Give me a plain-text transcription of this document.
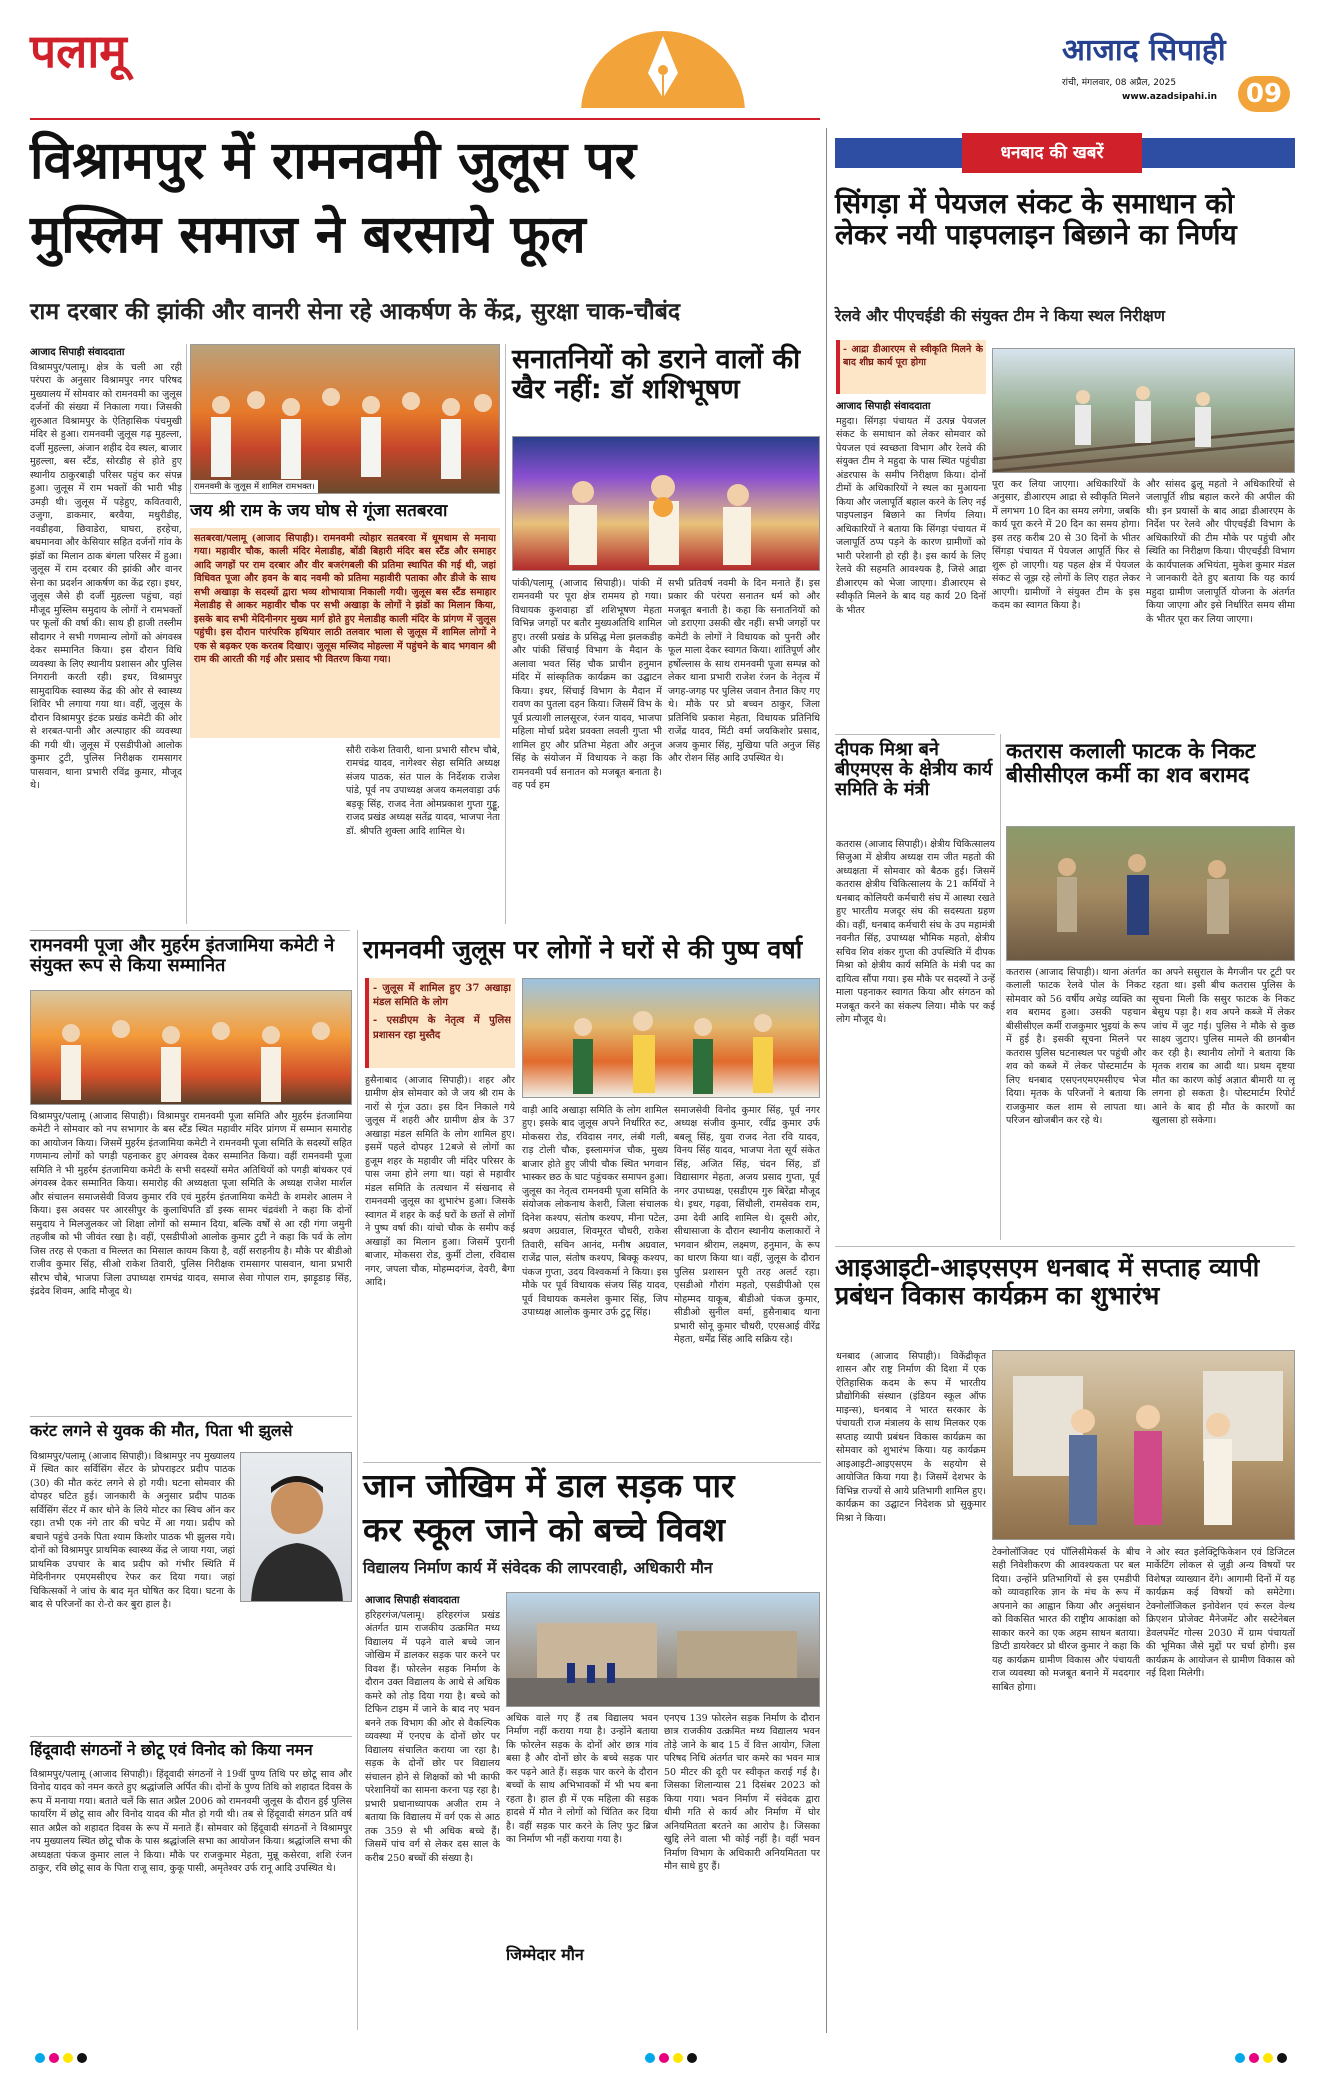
पलामू	आजाद सिपाही
रांची, मंगलवार, 08 अप्रैल, 2025
www.azadsipahi.in	09
विश्रामपुर में रामनवमी जुलूस पर
मुस्लिम समाज ने बरसाये फूल
राम दरबार की झांकी और वानरी सेना रहे आकर्षण के केंद्र, सुरक्षा चाक-चौबंद
आजाद सिपाही संवाददाता
विश्रामपुर/पलामू। क्षेत्र के चली आ रही परंपरा के अनुसार विश्रामपुर नगर परिषद मुख्यालय में सोमवार को रामनवमी का जुलूस दर्जनों की संख्या में निकाला गया। जिसकी शुरुआत विश्रामपुर के ऐतिहासिक पंचमुखी मंदिर से हुआ। रामनवमी जुलूस गढ़ मुहल्ला, दर्जी मुहल्ला, अंजान शहीद देव स्थल, बाजार मुहल्ला, बस स्टैंड, सोरडीह से होते हुए स्थानीय ठाकुरबाड़ी परिसर पहुंच कर संपन्न हुआ। जुलूस में राम भक्तों की भारी भीड़ उमड़ी थी। जुलूस में पड़ेहुए, कवितवारी, उजुगा, डाकमार, बरवैया, मधुरीडीह, नवडीहवा, छिवाडेरा, घाघरा, हरहेचा, बघमानवा और केसियार सहित दर्जनों गांव के झंडों का मिलान ठाक बंगला परिसर में हुआ। जुलूस में राम दरबार की झांकी और वानर सेना का प्रदर्शन आकर्षण का केंद्र रहा। इधर, जुलूस जैसे ही दर्जी मुहल्ला पहुंचा, वहां मौजूद मुस्लिम समुदाय के लोगों ने रामभक्तों पर फूलों की वर्षा की। साथ ही हाजी तस्लीम सौदागर ने सभी गणमान्य लोगों को अंगवस्त्र देकर सम्मानित किया। इस दौरान विधि व्यवस्था के लिए स्थानीय प्रशासन और पुलिस निगरानी करती रही। इधर, विश्रामपुर सामुदायिक स्वास्थ्य केंद्र की ओर से स्वास्थ्य शिविर भी लगाया गया था। वहीं, जुलूस के दौरान विश्रामपुर इंटक प्रखंड कमेटी की ओर से शरबत-पानी और अल्पाहार की व्यवस्था की गयी थी। जुलूस में एसडीपीओ आलोक कुमार टुटी, पुलिस निरीक्षक रामसागर पासवान, थाना प्रभारी रविंद्र कुमार, मौजूद थे।
रामनवमी के जुलूस में शामिल रामभक्त।
जय श्री राम के जय घोष से गूंजा सतबरवा
सतबरवा/पलामू (आजाद सिपाही)। रामनवमी त्योहार सतबरवा में धूमधाम से मनाया गया। महावीर चौक, काली मंदिर मेलाडीह, बोंडी बिहारी मंदिर बस स्टैंड और समाहर आदि जगहों पर राम दरबार और वीर बजरंगबली की प्रतिमा स्थापित की गई थी, जहां विधिवत पूजा और हवन के बाद नवमी को प्रतिमा महावीरी पताका और डीजे के साथ सभी अखाड़ा के सदस्यों द्वारा भव्य शोभायात्रा निकाली गयी। जुलूस बस स्टैंड समाहार मेलाडीह से आकर महावीर चौक पर सभी अखाड़ा के लोगों ने झंडों का मिलान किया, इसके बाद सभी मेदिनीनगर मुख्य मार्ग होते हुए मेलाडीह काली मंदिर के प्रांगण में जुलूस पहुंची। इस दौरान पारंपरिक हथियार लाठी तलवार भाला से जुलूस में शामिल लोगों ने एक से बढ़कर एक करतब दिखाए। जुलूस मस्जिद मोहल्ला में पहुंचने के बाद भगवान श्री राम की आरती की गई और प्रसाद भी वितरण किया गया।
सौरी राकेश तिवारी, थाना प्रभारी सौरभ चौबे, रामचंद्र यादव, नागेश्वर सेहा समिति अध्यक्ष संजय पाठक, संत पाल के निर्देशक राजेश पांडे, पूर्व नप उपाध्यक्ष अजय कमलवाड़ा उर्फ बड़कू सिंह, राजद नेता ओमप्रकाश गुप्ता गुड्डू, राजद प्रखंड अध्यक्ष सतेंद्र यादव, भाजपा नेता डॉ. श्रीपति शुक्ला आदि शामिल थे।
सनातनियों को डराने वालों की खैर नहीं: डॉ शशिभूषण
पांकी/पलामू (आजाद सिपाही)। पांकी में रामनवमी पर पूरा क्षेत्र राममय हो गया। विधायक कुशवाहा डॉ शशिभूषण मेहता विभिन्न जगहों पर बतौर मुख्यअतिथि शामिल हुए। तरसी प्रखंड के प्रसिद्ध मेला झलकडीह और पांकी सिंचाई विभाग के मैदान के अलावा भवत सिंह चौक प्राचीन हनुमान मंदिर में सांस्कृतिक कार्यक्रम का उद्घाटन किया। इधर, सिंचाई विभाग के मैदान में रावण का पुतला दहन किया। जिसमें विभ के पूर्व प्रत्याशी लालसूरज, रंजन यादव, भाजपा महिला मोर्चा प्रदेश प्रवक्ता लवली गुप्ता भी शामिल हुए और प्रतिभा मेहता और अनुज सिंह के संयोजन में विधायक ने कहा कि रामनवमी पर्व सनातन को मजबूत बनाता है। वह पर्व हम
सभी प्रतिवर्ष नवमी के दिन मनाते हैं। इस प्रकार की परंपरा सनातन धर्म को और मजबूत बनाती है। कहा कि सनातनियों को जो डराएगा उसकी खैर नहीं। सभी जगहों पर कमेटी के लोगों ने विधायक को पुनरी और फूल माला देकर स्वागत किया। शांतिपूर्ण और हर्षोल्लास के साथ रामनवमी पूजा सम्पन्न को लेकर थाना प्रभारी राजेश रंजन के नेतृत्व में जगह-जगह पर पुलिस जवान तैनात किए गए थे। मौके पर प्रो बच्चन ठाकुर, जिला प्रतिनिधि प्रकाश मेहता, विधायक प्रतिनिधि राजेंद्र यादव, मिंटी वर्मा जयकिशोर प्रसाद, अजय कुमार सिंह, मुखिया पति अनुज सिंह और रोशन सिंह आदि उपस्थित थे।
रामनवमी पूजा और मुहर्रम इंतजामिया कमेटी ने संयुक्त रूप से किया सम्मानित
विश्रामपुर/पलामू (आजाद सिपाही)। विश्रामपुर रामनवमी पूजा समिति और मुहर्रम इंतजामिया कमेटी ने सोमवार को नप सभागार के बस स्टैंड स्थित महावीर मंदिर प्रांगण में सम्मान समारोह का आयोजन किया। जिसमें मुहर्रम इंतजामिया कमेटी ने रामनवमी पूजा समिति के सदस्यों सहित गणमान्य लोगों को पगड़ी पहनाकर हुए अंगवस्त्र देकर सम्मानित किया। वहीं रामनवमी पूजा समिति ने भी मुहर्रम इंतजामिया कमेटी के सभी सदस्यों समेत अतिथियों को पगड़ी बांधकर एवं अंगवस्त्र देकर सम्मानित किया। समारोह की अध्यक्षता पूजा समिति के अध्यक्ष राजेश मार्शल और संचालन समाजसेवी विजय कुमार रवि एवं मुहर्रम इंतजामिया कमेटी के शमशेर आलम ने किया। इस अवसर पर आरसीपुर के कुलाधिपति डॉ इस्क सामर चंद्रवंशी ने कहा कि दोनों समुदाय ने मिलजुलकर जो शिक्षा लोगों को सम्मान दिया, बल्कि वर्षों से आ रही गंगा जमुनी तहजीब को भी जीवंत रखा है। वहीं, एसडीपीओ आलोक कुमार टुटी ने कहा कि पर्व के लोग जिस तरह से एकता व मिल्लत का मिसाल कायम किया है, वहीं सराहनीय है। मौके पर बीडीओ राजीव कुमार सिंह, सीओ राकेश तिवारी, पुलिस निरीक्षक रामसागर पासवान, थाना प्रभारी सौरभ चौबे, भाजपा जिला उपाध्यक्ष रामचंद्र यादव, समाज सेवा गोपाल राम, झाड़ूडाड़ सिंह, इंद्रदेव शिवम, आदि मौजूद थे।
करंट लगने से युवक की मौत, पिता भी झुलसे
विश्रामपुर/पलामू (आजाद सिपाही)। विश्रामपुर नप मुख्यालय में स्थित कार सर्विसिंग सेंटर के प्रोपराइटर प्रदीप पाठक (30) की मौत करंट लगने से हो गयी। घटना सोमवार की दोपहर घटित हुई। जानकारी के अनुसार प्रदीप पाठक सर्विसिंग सेंटर में कार धोने के लिये मोटर का स्विच ऑन कर रहा। तभी एक नंगे तार की चपेट में आ गया। प्रदीप को बचाने पहुंचे उनके पिता श्याम किशोर पाठक भी झुलस गये। दोनों को विश्रामपुर प्राथमिक स्वास्थ्य केंद्र ले जाया गया, जहां प्राथमिक उपचार के बाद प्रदीप को गंभीर स्थिति में मेदिनीनगर एमएमसीएच रेफर कर दिया गया। जहां चिकित्सकों ने जांच के बाद मृत घोषित कर दिया। घटना के बाद से परिजनों का रो-रो कर बुरा हाल है।
हिंदूवादी संगठनों ने छोटू एवं विनोद को किया नमन
विश्रामपुर/पलामू (आजाद सिपाही)। हिंदूवादी संगठनों ने 19वीं पुण्य तिथि पर छोटू साव और विनोद यादव को नमन करते हुए श्रद्धांजलि अर्पित की। दोनों के पुण्य तिथि को शहादत दिवस के रूप में मनाया गया। बताते चलें कि सात अप्रैल 2006 को रामनवमी जुलूस के दौरान हुई पुलिस फायरिंग में छोटू साव और विनोद यादव की मौत हो गयी थी। तब से हिंदूवादी संगठन प्रति वर्ष सात अप्रैल को शहादत दिवस के रूप में मनाते हैं। सोमवार को हिंदूवादी संगठनों ने विश्रामपुर नप मुख्यालय स्थित छोटू चौक के पास श्रद्धांजलि सभा का आयोजन किया। श्रद्धांजलि सभा की अध्यक्षता पंकज कुमार लाल ने किया। मौके पर राजकुमार मेहता, मुन्नू कसेरवा, शशि रंजन ठाकुर, रवि छोटू साव के पिता राजू साव, कुकू पासी, अमृतेश्वर उर्फ रानू आदि उपस्थित थे।
रामनवमी जुलूस पर लोगों ने घरों से की पुष्प वर्षा
- जुलूस में शामिल हुए 37 अखाड़ा मंडल समिति के लोग
- एसडीएम के नेतृत्व में पुलिस प्रशासन रहा मुस्तैद
हुसैनाबाद (आजाद सिपाही)। शहर और ग्रामीण क्षेत्र सोमवार को जै जय श्री राम के नारों से गूंज उठा। इस दिन निकाले गये जुलूस में शहरी और ग्रामीण क्षेत्र के 37 अखाड़ा मंडल समिति के लोग शामिल हुए। इसमें पहले दोपहर 12बजे से लोगों का हुजूम शहर के महावीर जी मंदिर परिसर के पास जमा होने लगा था। यहां से महावीर मंडल समिति के तत्वधान में संखनाद से रामनवमी जुलूस का शुभारंभ हुआ। जिसके स्वागत में शहर के कई घरों के छतों से लोगों ने पुष्प वर्षा की। यांचो चौक के समीप कई अखाड़ों का मिलान हुआ। जिसमें पुरानी बाजार, मोकसरा रोड, कुर्मी टोला, रविदास नगर, जपला चौक, मोहम्मदगंज, देवरी, बैगा आदि।
वाड़ी आदि अखाड़ा समिति के लोग शामिल हुए। इसके बाद जुलूस अपने निर्धारित रुट, मोकसरा रोड, रविदास नगर, लंबी गली, राड़ टोली चौक, इस्लामगंज चौक, मुख्य बाजार होते हुए जीपी चौक स्थित भगवान भास्कर छठ के घाट पहुंचकर समापन हुआ। जुलूस का नेतृत्व रामनवमी पूजा समिति के संयोजक लोकनाथ केशरी, जिला संचालक दिनेश कश्यप, संतोष कश्यप, मीना पटेल, श्रवण अग्रवाल, शिवमूरत चौधरी, राकेश तिवारी, सचिन आनंद, मनीष अग्रवाल, राजेंद्र पाल, संतोष कश्यप, बिक्कू कश्यप, पंकज गुप्ता, उदय विश्वकर्मा ने किया। इस मौके पर पूर्व विधायक संजय सिंह यादव, पूर्व विधायक कमलेश कुमार सिंह, जिप उपाध्यक्ष आलोक कुमार उर्फ टुटू सिंह।
समाजसेवी विनोद कुमार सिंह, पूर्व नगर अध्यक्ष संजीव कुमार, रवींद्र कुमार उर्फ बबलू सिंह, युवा राजद नेता रवि यादव, विनय सिंह यादव, भाजपा नेता सूर्य संकेत सिंह, अजित सिंह, चंदन सिंह, डॉ विद्यासागर मेहता, अजय प्रसाद गुप्ता, पूर्व नगर उपाध्यक्ष, एसडीएम गुरु बिरेंद्रा मौजूद थे। इधर, गढ़वा, सिंधौली, रामसेवक राम, उमा देवी आदि शामिल थे। दूसरी ओर, सीधासाजा के दौरान स्थानीय कलाकारों ने भगवान श्रीराम, लक्ष्मण, हनुमान, के रूप का धारण किया था। वहीं, जुलूस के दौरान पुलिस प्रशासन पूरी तरह अलर्ट रहा। एसडीओ गौरांग महतो, एसडीपीओ एस मोहम्मद याकूब, बीडीओ पंकज कुमार, सीडीओ सुनील वर्मा, हुसैनाबाद थाना प्रभारी सोनू कुमार चौधरी, एएसआई वीरेंद्र मेहता, धर्मेंद्र सिंह आदि सक्रिय रहे।
जान जोखिम में डाल सड़क पार
कर स्कूल जाने को बच्चे विवश
विद्यालय निर्माण कार्य में संवेदक की लापरवाही, अधिकारी मौन
आजाद सिपाही संवाददाता
हरिहरगंज/पलामू। हरिहरगंज प्रखंड अंतर्गत ग्राम राजकीय उत्क्रमित मध्य विद्यालय में पढ़ने वाले बच्चे जान जोखिम में डालकर सड़क पार करने पर विवश हैं। फोरलेन सड़क निर्माण के दौरान उक्त विद्यालय के आधे से अधिक कमरे को तोड़ दिया गया है। बच्चे को टिफिन टाइम में जाने के बाद नए भवन बनने तक विभाग की ओर से वैकल्पिक व्यवस्था में एनएच के दोनों छोर पर विद्यालय संचालित कराया जा रहा है। सड़क के दोनों छोर पर विद्यालय संचालन होने से शिक्षकों को भी काफी परेशानियों का सामना करना पड़ रहा है। प्रभारी प्रधानाध्यापक अजीत राम ने बताया कि विद्यालय में वर्ग एक से आठ तक 359 से भी अधिक बच्चे हैं। जिसमें पांच वर्ग से लेकर दस साल के करीब 250 बच्चों की संख्या है।
अधिक वाले गए हैं तब विद्यालय भवन निर्माण नहीं कराया गया है। उन्होंने बताया कि फोरलेन सड़क के दोनों ओर छात्र गांव बसा है और दोनों छोर के बच्चे सड़क पार कर पढ़ने आते हैं। सड़क पार करने के दौरान बच्चों के साथ अभिभावकों में भी भय बना रहता है। हाल ही में एक महिला की सड़क हादसे में मौत ने लोगों को चिंतित कर दिया है। वहीं सड़क पार करने के लिए फुट ब्रिज का निर्माण भी नहीं कराया गया है।
जिम्मेदार मौन
एनएच 139 फोरलेन सड़क निर्माण के दौरान छात्र राजकीय उत्क्रमित मध्य विद्यालय भवन तोड़े जाने के बाद 15 वें वित्त आयोग, जिला परिषद निधि अंतर्गत चार कमरे का भवन मात्र 50 मीटर की दूरी पर स्वीकृत कराई गई है। जिसका शिलान्यास 21 दिसंबर 2023 को किया गया। भवन निर्माण में संवेदक द्वारा धीमी गति से कार्य और निर्माण में घोर अनियमितता बरतने का आरोप है। जिसका खुद्दि लेने वाला भी कोई नहीं है। वहीं भवन निर्माण विभाग के अधिकारी अनियमितता पर मौन साधे हुए हैं।
धनबाद की खबरें
सिंगड़ा में पेयजल संकट के समाधान को लेकर नयी पाइपलाइन बिछाने का निर्णय
रेलवे और पीएचईडी की संयुक्त टीम ने किया स्थल निरीक्षण
- आद्रा डीआरएम से स्वीकृति मिलने के बाद शीघ्र कार्य पूरा होगा
आजाद सिपाही संवाददाता
महुदा। सिंगड़ा पंचायत में उत्पन्न पेयजल संकट के समाधान को लेकर सोमवार को पेयजल एवं स्वच्छता विभाग और रेलवे की संयुक्त टीम ने महुदा के पास स्थित पहुंचीडा अंडरपास के समीप निरीक्षण किया। दोनों टीमों के अधिकारियों ने स्थल का मुआयना किया और जलापूर्ति बहाल करने के लिए नई पाइपलाइन बिछाने का निर्णय लिया। अधिकारियों ने बताया कि सिंगड़ा पंचायत में जलापूर्ति ठप्प पड़ने के कारण ग्रामीणों को भारी परेशानी हो रही है। इस कार्य के लिए रेलवे की सहमति आवश्यक है, जिसे आद्रा डीआरएम को भेजा जाएगा। डीआरएम से स्वीकृति मिलने के बाद यह कार्य 20 दिनों के भीतर
पूरा कर लिया जाएगा। अधिकारियों के अनुसार, डीआरएम आद्रा से स्वीकृति मिलने में लगभग 10 दिन का समय लगेगा, जबकि कार्य पूरा करने में 20 दिन का समय होगा। इस तरह करीब 20 से 30 दिनों के भीतर सिंगड़ा पंचायत में पेयजल आपूर्ति फिर से शुरू हो जाएगी। यह पहल क्षेत्र में पेयजल संकट से जूझ रहे लोगों के लिए राहत लेकर आएगी। ग्रामीणों ने संयुक्त टीम के इस कदम का स्वागत किया है।
और सांसद ढुलू महतो ने अधिकारियों से जलापूर्ति शीघ्र बहाल करने की अपील की थी। इन प्रयासों के बाद आद्रा डीआरएम के निर्देश पर रेलवे और पीएचईडी विभाग के अधिकारियों की टीम मौके पर पहुंची और स्थिति का निरीक्षण किया। पीएचईडी विभाग के कार्यपालक अभियंता, मुकेश कुमार मंडल ने जानकारी देते हुए बताया कि यह कार्य महुदा ग्रामीण जलापूर्ति योजना के अंतर्गत किया जाएगा और इसे निर्धारित समय सीमा के भीतर पूरा कर लिया जाएगा।
दीपक मिश्रा बने बीएमएस के क्षेत्रीय कार्य समिति के मंत्री
कतरास (आजाद सिपाही)। क्षेत्रीय चिकित्सालय सिजुआ में क्षेत्रीय अध्यक्ष राम जीत महतो की अध्यक्षता में सोमवार को बैठक हुई। जिसमें कतरास क्षेत्रीय चिकित्सालय के 21 कर्मियों ने धनबाद कोलियरी कर्मचारी संघ में आस्था रखते हुए भारतीय मजदूर संघ की सदस्यता ग्रहण की। वहीं, धनबाद कर्मचारी संघ के उप महामंत्री नवनीत सिंह, उपाध्यक्ष भौमिक महतो, क्षेत्रीय सचिव शिव शंकर गुप्ता की उपस्थिति में दीपक मिश्रा को क्षेत्रीय कार्य समिति के मंत्री पद का दायित्व सौंपा गया। इस मौके पर सदस्यों ने उन्हें माला पहनाकर स्वागत किया और संगठन को मजबूत करने का संकल्प लिया। मौके पर कई लोग मौजूद थे।
कतरास कलाली फाटक के निकट बीसीसीएल कर्मी का शव बरामद
कतरास (आजाद सिपाही)। थाना अंतर्गत कलाली फाटक रेलवे पोल के निकट सोमवार को 56 वर्षीय अधेड़ व्यक्ति का शव बरामद हुआ। उसकी पहचान बीसीसीएल कर्मी राजकुमार भुइयां के रूप में हुई है। इसकी सूचना मिलने पर कतरास पुलिस घटनास्थल पर पहुंची और शव को कब्जे में लेकर पोस्टमार्टम के लिए धनबाद एसएनएमएमसीएच भेज दिया। मृतक के परिजनों ने बताया कि राजकुमार कल शाम से लापता था। परिजन खोजबीन कर रहे थे।
का अपने ससुराल के मैगजीन पर टूटी पर रहता था। इसी बीच कतरास पुलिस के सूचना मिली कि ससुर फाटक के निकट बेसुध पड़ा है। शव अपने कब्जे में लेकर जांच में जुट गई। पुलिस ने मौके से कुछ साक्ष्य जुटाए। पुलिस मामले की छानबीन कर रही है। स्थानीय लोगों ने बताया कि मृतक शराब का आदी था। प्रथम दृष्टया मौत का कारण कोई अज्ञात बीमारी या लू लगना हो सकता है। पोस्टमार्टम रिपोर्ट आने के बाद ही मौत के कारणों का खुलासा हो सकेगा।
आइआइटी-आइएसएम धनबाद में सप्ताह व्यापी प्रबंधन विकास कार्यक्रम का शुभारंभ
धनबाद (आजाद सिपाही)। विकेंद्रीकृत शासन और राष्ट्र निर्माण की दिशा में एक ऐतिहासिक कदम के रूप में भारतीय प्रौद्योगिकी संस्थान (इंडियन स्कूल ऑफ माइन्स), धनबाद ने भारत सरकार के पंचायती राज मंत्रालय के साथ मिलकर एक सप्ताह व्यापी प्रबंधन विकास कार्यक्रम का सोमवार को शुभारंभ किया। यह कार्यक्रम आइआइटी-आइएसएम के सहयोग से आयोजित किया गया है। जिसमें देशभर के विभिन्न राज्यों से आये प्रतिभागी शामिल हुए। कार्यक्रम का उद्घाटन निदेशक प्रो सुकुमार मिश्रा ने किया।
टेक्नोलॉजिक्ट एवं पॉलिसीमेकर्स के बीच सही निवेशीकरण की आवश्यकता पर बल दिया। उन्होंने प्रतिभागियों से इस एमडीपी को व्यावहारिक ज्ञान के मंच के रूप में अपनाने का आह्वान किया और अनुसंधान को विकसित भारत की राष्ट्रीय आकांक्षा को साकार करने का एक अहम साधन बताया। डिप्टी डायरेक्टर प्रो धीरज कुमार ने कहा कि यह कार्यक्रम ग्रामीण विकास और पंचायती राज व्यवस्था को मजबूत बनाने में मददगार साबित होगा।
ने ओर स्वत इलेक्ट्रिफिकेशन एवं डिजिटल मार्केटिंग लोकल से जुड़ी अन्य विषयों पर विशेषज्ञ व्याख्यान देंगे। आगामी दिनों में यह कार्यक्रम कई विषयों को समेटेगा। टेक्नोलॉजिकल इनोवेशन एवं रूरल वेल्थ क्रिएशन प्रोजेक्ट मैनेजमेंट और सस्टेनेबल डेवलपमेंट गोल्स 2030 में ग्राम पंचायतों की भूमिका जैसे मुद्दों पर चर्चा होगी। इस कार्यक्रम के आयोजन से ग्रामीण विकास को नई दिशा मिलेगी।
